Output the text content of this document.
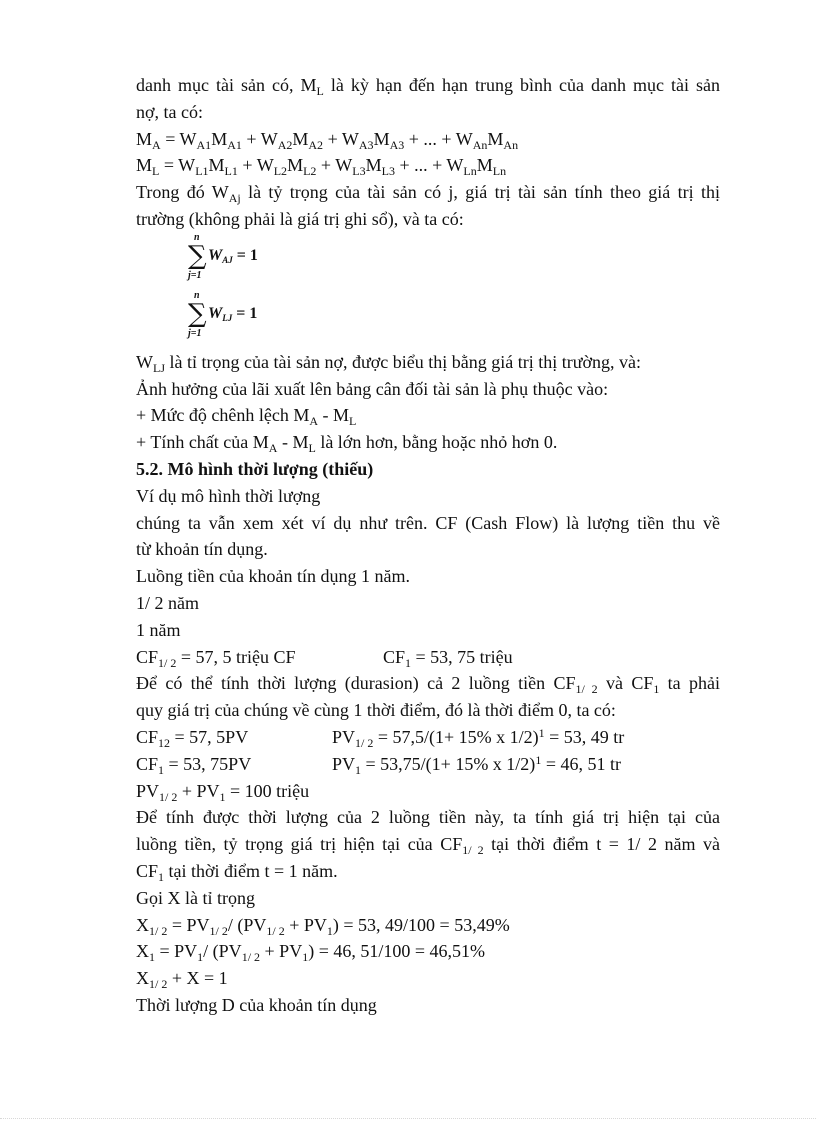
danh mục tài sản có, $M_L$ là kỳ hạn đến hạn trung bình của danh mục tài sản
nợ, ta có:
$M_A = W_{A1}M_{A1} + W_{A2}M_{A2} + W_{A3}M_{A3}$ + ... + $W_{An}M_{An}$
$M_L = W_{L1}M_{L1} + W_{L2}M_{L2} + W_{L3}M_{L3}$ + ... + $W_{Ln}M_{Ln}$
Trong đó $W_{Aj}$ là tỷ trọng của tài sản có j, giá trị tài sản tính theo giá trị thị
trường (không phải là giá trị ghi sổ), và ta có:
n
∑
j=1
$W_{AJ} = 1$
n
∑
j=1
$W_{LJ} = 1$
$W_{LJ}$ là tỉ trọng của tài sản nợ, được biểu thị bằng giá trị thị trường, và:
Ảnh hưởng của lãi xuất lên bảng cân đối tài sản là phụ thuộc vào:
+ Mức độ chênh lệch $M_A - M_L$
+ Tính chất của $M_A - M_L$ là lớn hơn, bằng hoặc nhỏ hơn 0.
5.2. Mô hình thời lượng (thiếu)
Ví dụ mô hình thời lượng
chúng ta vẫn xem xét ví dụ như trên. CF (Cash Flow) là lượng tiền thu về
từ khoản tín dụng.
Luồng tiền của khoản tín dụng 1 năm.
1/ 2 năm
1 năm
$CF_{1/ 2} = 57$, 5 triệu CF	$CF_1 = 53$, 75 triệu
Để có thể tính thời lượng (durasion) cả 2 luồng tiền $CF_{1/ 2}$ và $CF_1$ ta phải
quy giá trị của chúng về cùng 1 thời điểm, đó là thời điểm 0, ta có:
$CF_{12} = 57$, 5PV	$PV_{1/ 2} = 57,5/(1+ 15\%$ x 1/2)$^1$ = 53, 49 tr
$CF_1 = 53$, 75PV	$PV_1 = 53,75/(1+ 15\%$ x 1/2)$^1$ = 46, 51 tr
$PV_{1/ 2} + PV_1 = 100$ triệu
Để tính được thời lượng của 2 luồng tiền này, ta tính giá trị hiện tại của
luồng tiền, tỷ trọng giá trị hiện tại của $CF_{1/ 2}$ tại thời điểm t = 1/ 2 năm và
$CF_1$ tại thời điểm t = 1 năm.
Gọi X là tỉ trọng
$X_{1/ 2} = PV_{1/ 2}/$ $(PV_{1/ 2} + PV_1) = 53$, 49/100 = 53,49%
$X_1 = PV_1/$ $(PV_{1/ 2} + PV_1) = 46$, 51/100 = 46,51%
$X_{1/ 2} + X = 1$
Thời lượng D của khoản tín dụng
